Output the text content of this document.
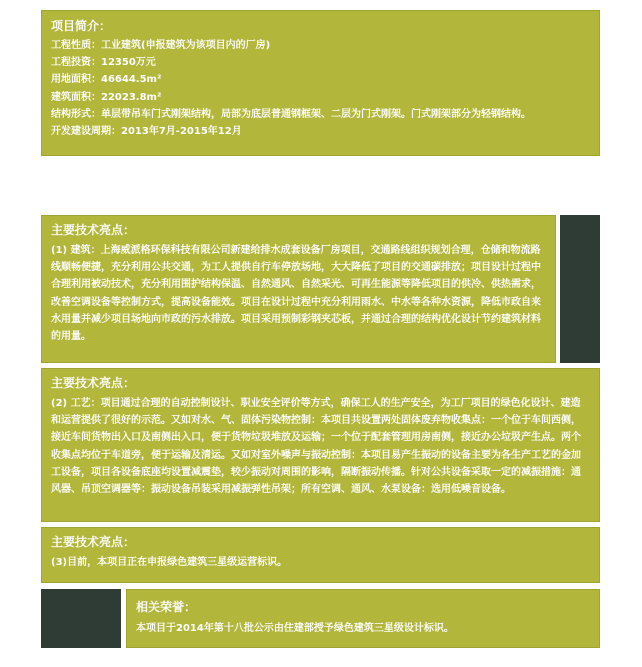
项目简介：
工程性质：工业建筑(申报建筑为该项目内的厂房)
工程投资：12350万元
用地面积：46644.5m²
建筑面积：22023.8m²
结构形式：单层带吊车门式刚架结构，局部为底层普通钢框架、二层为门式刚架。门式刚架部分为轻钢结构。
开发建设周期：2013年7月-2015年12月
主要技术亮点：
(1) 建筑：上海威派格环保科技有限公司新建给排水成套设备厂房项目，交通路线组织规划合理，仓储和物流路线顺畅便捷，充分利用公共交通，为工人提供自行车停放场地，大大降低了项目的交通碳排放；项目设计过程中合理利用被动技术，充分利用围护结构保温、自然通风、自然采光、可再生能源等降低项目的供冷、供热需求，改善空调设备等控制方式，提高设备能效。项目在设计过程中充分利用雨水、中水等各种水资源，降低市政自来水用量并减少项目场地向市政的污水排放。项目采用预制彩钢夹芯板，并通过合理的结构优化设计节约建筑材料的用量。
主要技术亮点：
(2) 工艺：项目通过合理的自动控制设计、职业安全评价等方式，确保工人的生产安全，为工厂项目的绿色化设计、建造和运营提供了很好的示范。又如对水、气、固体污染物控制：本项目共设置两处固体废弃物收集点：一个位于车间西侧，接近车间货物出入口及南侧出入口，便于货物垃圾堆放及运输；一个位于配套管理用房南侧，接近办公垃圾产生点。两个收集点均位于车道旁，便于运输及清运。又如对室外噪声与振动控制：本项目易产生振动的设备主要为各生产工艺的金加工设备，项目各设备底座均设置减震垫，较少振动对周围的影响，隔断振动传播。针对公共设备采取一定的减振措施：通风器、吊顶空调器等：振动设备吊装采用减振弹性吊架；所有空调、通风、水泵设备：选用低噪音设备。
主要技术亮点：
(3)目前，本项目正在申报绿色建筑三星级运营标识。
相关荣誉：
本项目于2014年第十八批公示由住建部授予绿色建筑三星级设计标识。
